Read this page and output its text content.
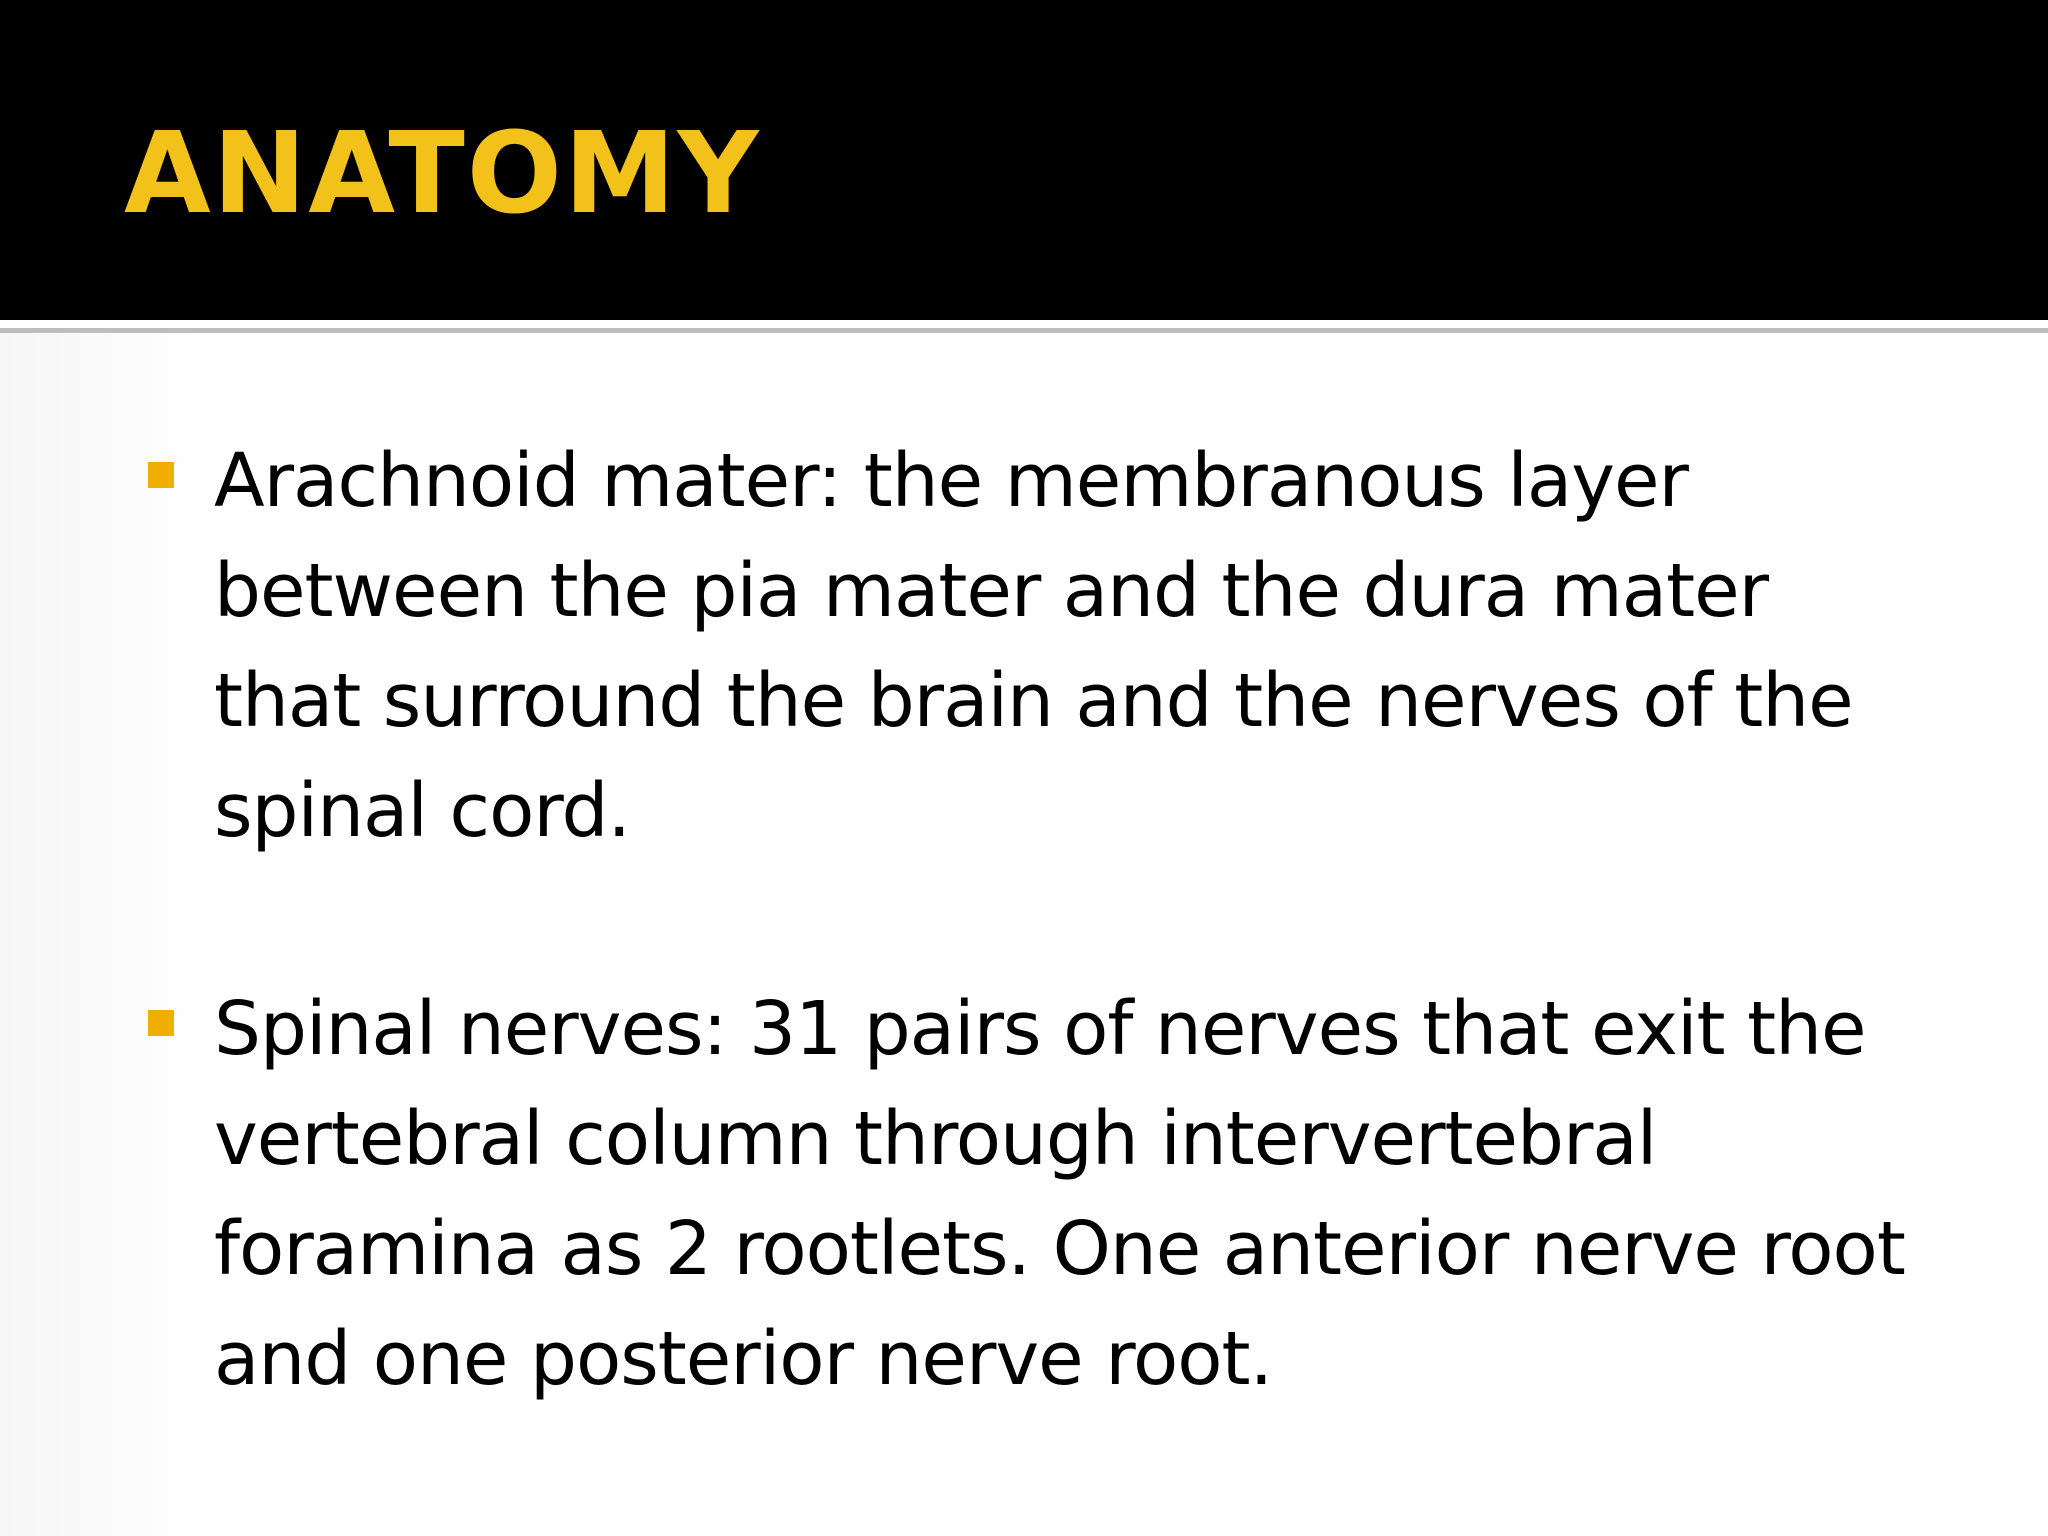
ANATOMY
Arachnoid mater: the membranous layer between the pia mater and the dura mater that surround the brain and the nerves of the spinal cord.
Spinal nerves: 31 pairs of nerves that exit the vertebral column through intervertebral foramina as 2 rootlets. One anterior nerve root and one posterior nerve root.
